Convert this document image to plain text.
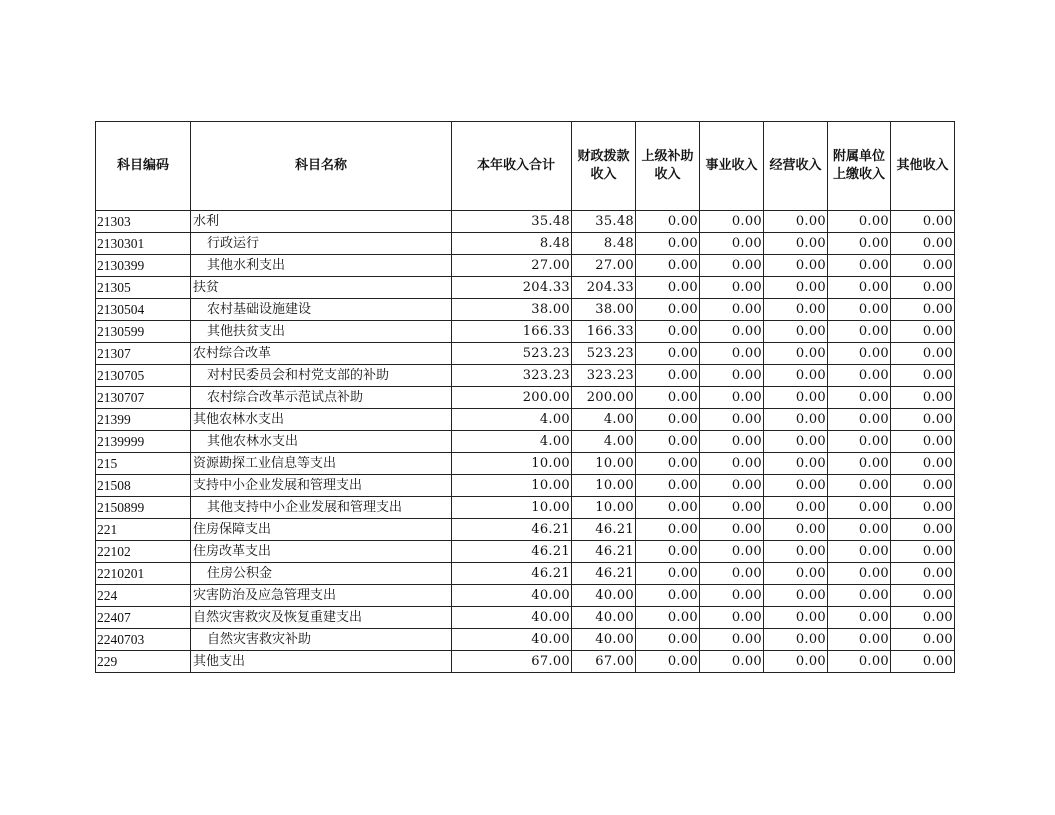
科目编码	科目名称	本年收入合计	财政拨款收入	上级补助收入	事业收入	经营收入	附属单位上缴收入	其他收入
21303	水利	35.48	35.48	0.00	0.00	0.00	0.00	0.00
2130301	行政运行	8.48	8.48	0.00	0.00	0.00	0.00	0.00
2130399	其他水利支出	27.00	27.00	0.00	0.00	0.00	0.00	0.00
21305	扶贫	204.33	204.33	0.00	0.00	0.00	0.00	0.00
2130504	农村基础设施建设	38.00	38.00	0.00	0.00	0.00	0.00	0.00
2130599	其他扶贫支出	166.33	166.33	0.00	0.00	0.00	0.00	0.00
21307	农村综合改革	523.23	523.23	0.00	0.00	0.00	0.00	0.00
2130705	对村民委员会和村党支部的补助	323.23	323.23	0.00	0.00	0.00	0.00	0.00
2130707	农村综合改革示范试点补助	200.00	200.00	0.00	0.00	0.00	0.00	0.00
21399	其他农林水支出	4.00	4.00	0.00	0.00	0.00	0.00	0.00
2139999	其他农林水支出	4.00	4.00	0.00	0.00	0.00	0.00	0.00
215	资源勘探工业信息等支出	10.00	10.00	0.00	0.00	0.00	0.00	0.00
21508	支持中小企业发展和管理支出	10.00	10.00	0.00	0.00	0.00	0.00	0.00
2150899	其他支持中小企业发展和管理支出	10.00	10.00	0.00	0.00	0.00	0.00	0.00
221	住房保障支出	46.21	46.21	0.00	0.00	0.00	0.00	0.00
22102	住房改革支出	46.21	46.21	0.00	0.00	0.00	0.00	0.00
2210201	住房公积金	46.21	46.21	0.00	0.00	0.00	0.00	0.00
224	灾害防治及应急管理支出	40.00	40.00	0.00	0.00	0.00	0.00	0.00
22407	自然灾害救灾及恢复重建支出	40.00	40.00	0.00	0.00	0.00	0.00	0.00
2240703	自然灾害救灾补助	40.00	40.00	0.00	0.00	0.00	0.00	0.00
229	其他支出	67.00	67.00	0.00	0.00	0.00	0.00	0.00
